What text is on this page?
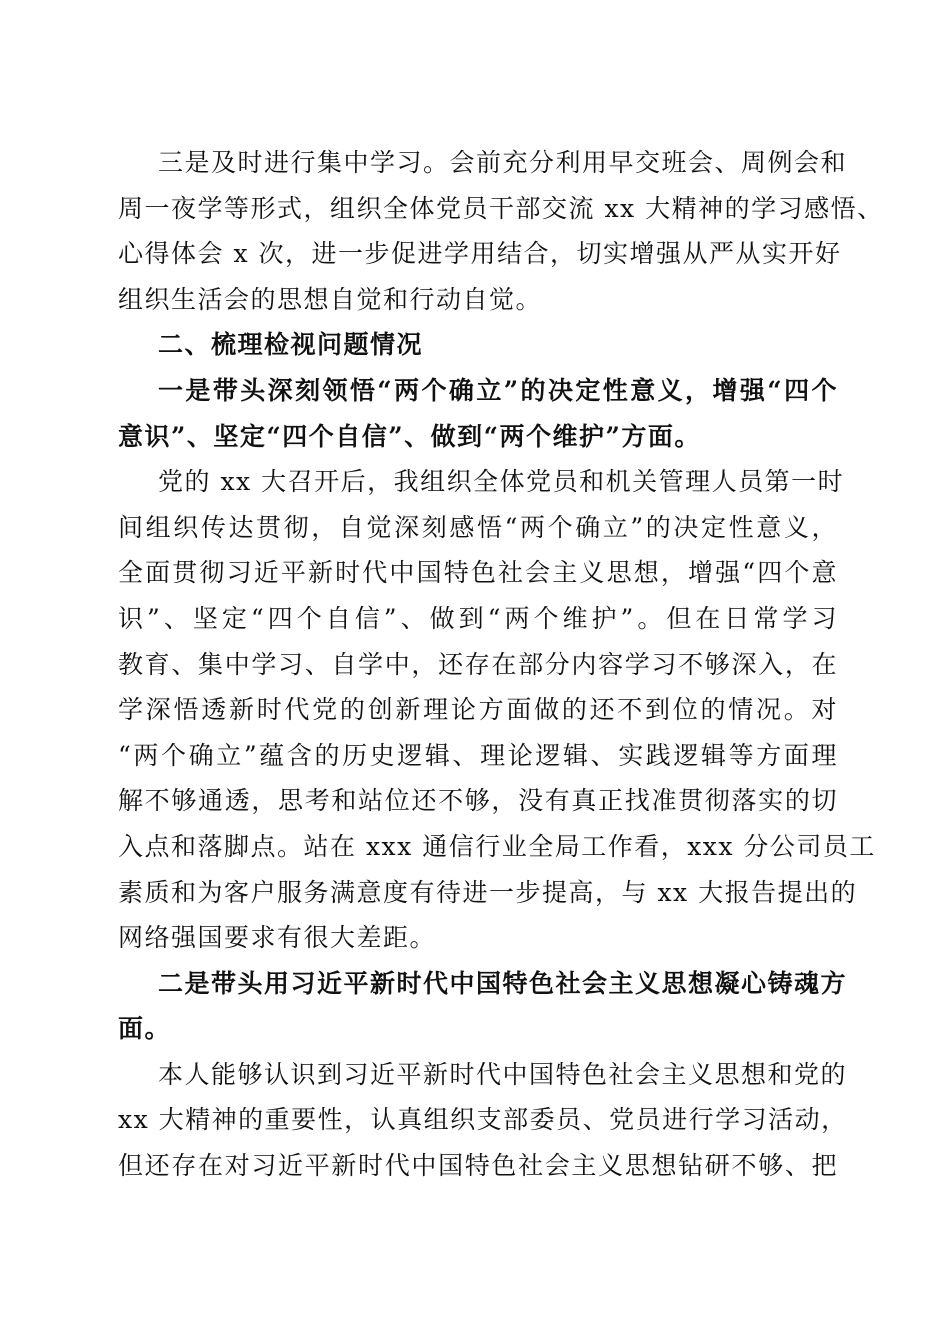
三是及时进行集中学习。会前充分利用早交班会、周例会和
周一夜学等形式，组织全体党员干部交流 xx 大精神的学习感悟、
心得体会 x 次，进一步促进学用结合，切实增强从严从实开好
组织生活会的思想自觉和行动自觉。
二、梳理检视问题情况
一是带头深刻领悟“两个确立”的决定性意义，增强“四个
意识”、坚定“四个自信”、做到“两个维护”方面。
党的 xx 大召开后，我组织全体党员和机关管理人员第一时
间组织传达贯彻，自觉深刻感悟“两个确立”的决定性意义，
全面贯彻习近平新时代中国特色社会主义思想，增强“四个意
识”、坚定“四个自信”、做到“两个维护”。但在日常学习
教育、集中学习、自学中，还存在部分内容学习不够深入，在
学深悟透新时代党的创新理论方面做的还不到位的情况。对
“两个确立”蕴含的历史逻辑、理论逻辑、实践逻辑等方面理
解不够通透，思考和站位还不够，没有真正找准贯彻落实的切
入点和落脚点。站在 xxx 通信行业全局工作看，xxx 分公司员工
素质和为客户服务满意度有待进一步提高，与 xx 大报告提出的
网络强国要求有很大差距。
二是带头用习近平新时代中国特色社会主义思想凝心铸魂方
面。
本人能够认识到习近平新时代中国特色社会主义思想和党的
xx 大精神的重要性，认真组织支部委员、党员进行学习活动，
但还存在对习近平新时代中国特色社会主义思想钻研不够、把
